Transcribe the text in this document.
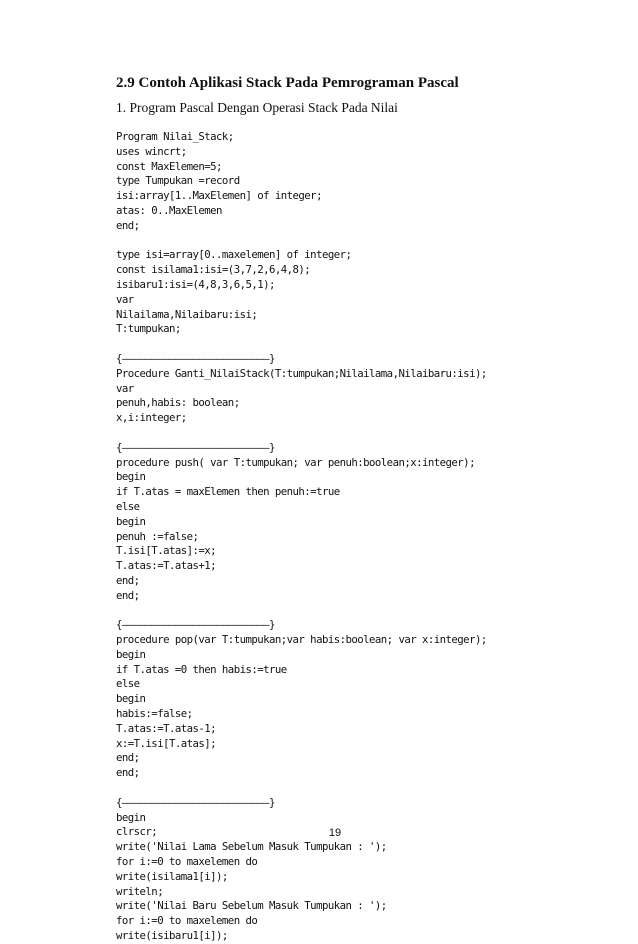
2.9 Contoh Aplikasi Stack Pada Pemrograman Pascal

1. Program Pascal Dengan Operasi Stack Pada Nilai

Program Nilai_Stack;
uses wincrt;
const MaxElemen=5;
type Tumpukan =record
isi:array[1..MaxElemen] of integer;
atas: 0..MaxElemen
end;
type isi=array[0..maxelemen] of integer;
const isilama1:isi=(3,7,2,6,4,8);
isibaru1:isi=(4,8,3,6,5,1);
var
Nilailama,Nilaibaru:isi;
T:tumpukan;
{—————————————————————————}
Procedure Ganti_NilaiStack(T:tumpukan;Nilailama,Nilaibaru:isi);
var
penuh,habis: boolean;
x,i:integer;
{—————————————————————————}
procedure push( var T:tumpukan; var penuh:boolean;x:integer);
begin
if T.atas = maxElemen then penuh:=true
else
begin
penuh :=false;
T.isi[T.atas]:=x;
T.atas:=T.atas+1;
end;
end;
{—————————————————————————}
procedure pop(var T:tumpukan;var habis:boolean; var x:integer);
begin
if T.atas =0 then habis:=true
else
begin
habis:=false;
T.atas:=T.atas-1;
x:=T.isi[T.atas];
end;
end;
{—————————————————————————}
begin
clrscr;
write('Nilai Lama Sebelum Masuk Tumpukan : ');
for i:=0 to maxelemen do
write(isilama1[i]);
writeln;
write('Nilai Baru Sebelum Masuk Tumpukan : ');
for i:=0 to maxelemen do
write(isibaru1[i]);
19
